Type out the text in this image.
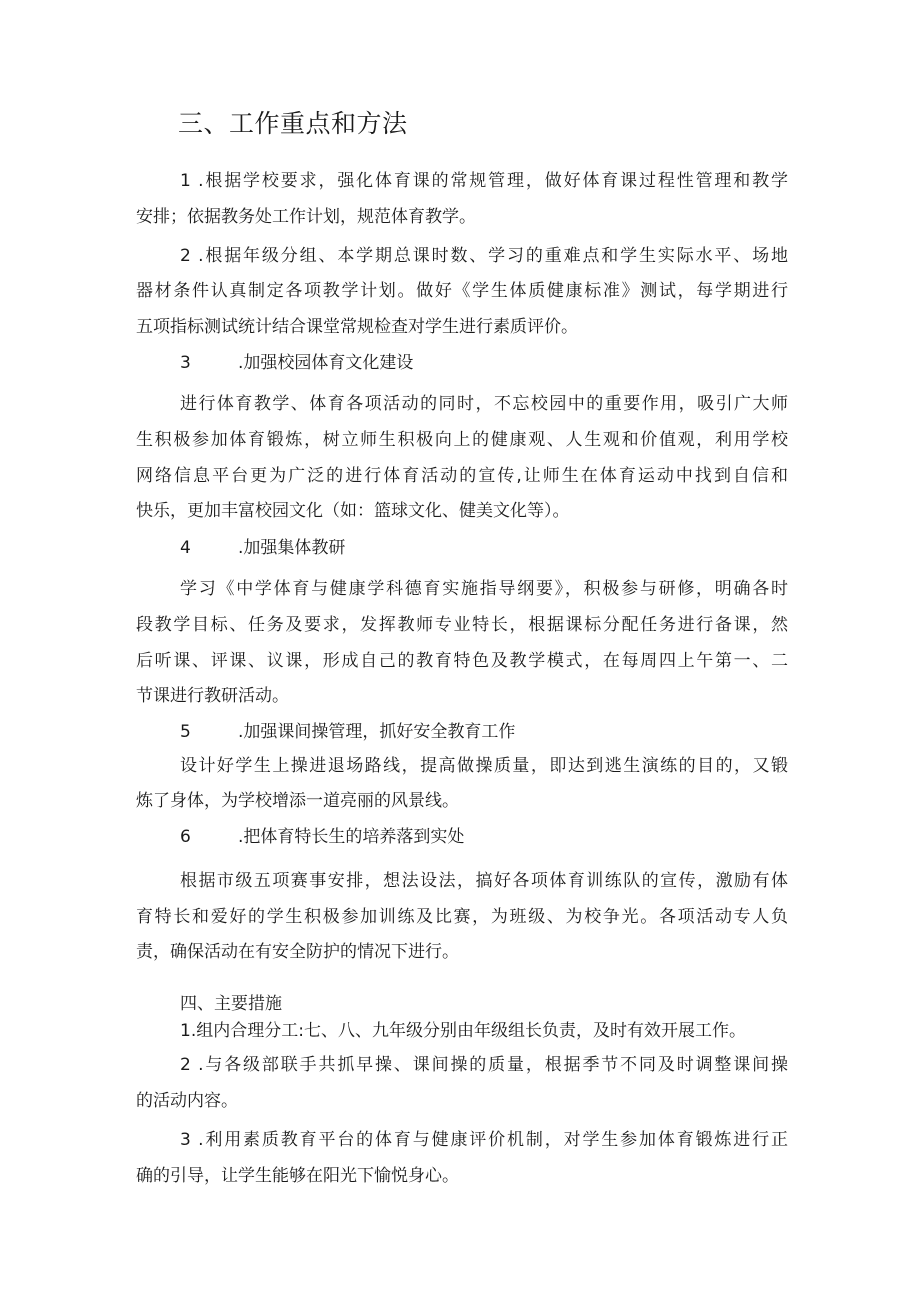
三、工作重点和方法
1 .根据学校要求，强化体育课的常规管理，做好体育课过程性管理和教学
安排；依据教务处工作计划，规范体育教学。
2 .根据年级分组、本学期总课时数、学习的重难点和学生实际水平、场地
器材条件认真制定各项教学计划。做好《学生体质健康标准》测试，每学期进行
五项指标测试统计结合课堂常规检查对学生进行素质评价。
3	.加强校园体育文化建设
进行体育教学、体育各项活动的同时，不忘校园中的重要作用，吸引广大师
生积极参加体育锻炼，树立师生积极向上的健康观、人生观和价值观，利用学校
网络信息平台更为广泛的进行体育活动的宣传,让师生在体育运动中找到自信和
快乐，更加丰富校园文化（如：篮球文化、健美文化等）。
4	.加强集体教研
学习《中学体育与健康学科德育实施指导纲要》，积极参与研修，明确各时
段教学目标、任务及要求，发挥教师专业特长，根据课标分配任务进行备课，然
后听课、评课、议课，形成自己的教育特色及教学模式，在每周四上午第一、二
节课进行教研活动。
5	.加强课间操管理，抓好安全教育工作
设计好学生上操进退场路线，提高做操质量，即达到逃生演练的目的，又锻
炼了身体，为学校增添一道亮丽的风景线。
6	.把体育特长生的培养落到实处
根据市级五项赛事安排，想法设法，搞好各项体育训练队的宣传，激励有体
育特长和爱好的学生积极参加训练及比赛，为班级、为校争光。各项活动专人负
责，确保活动在有安全防护的情况下进行。
四、主要措施
1.组内合理分工:七、八、九年级分别由年级组长负责，及时有效开展工作。
2 .与各级部联手共抓早操、课间操的质量，根据季节不同及时调整课间操
的活动内容。
3 .利用素质教育平台的体育与健康评价机制，对学生参加体育锻炼进行正
确的引导，让学生能够在阳光下愉悦身心。
